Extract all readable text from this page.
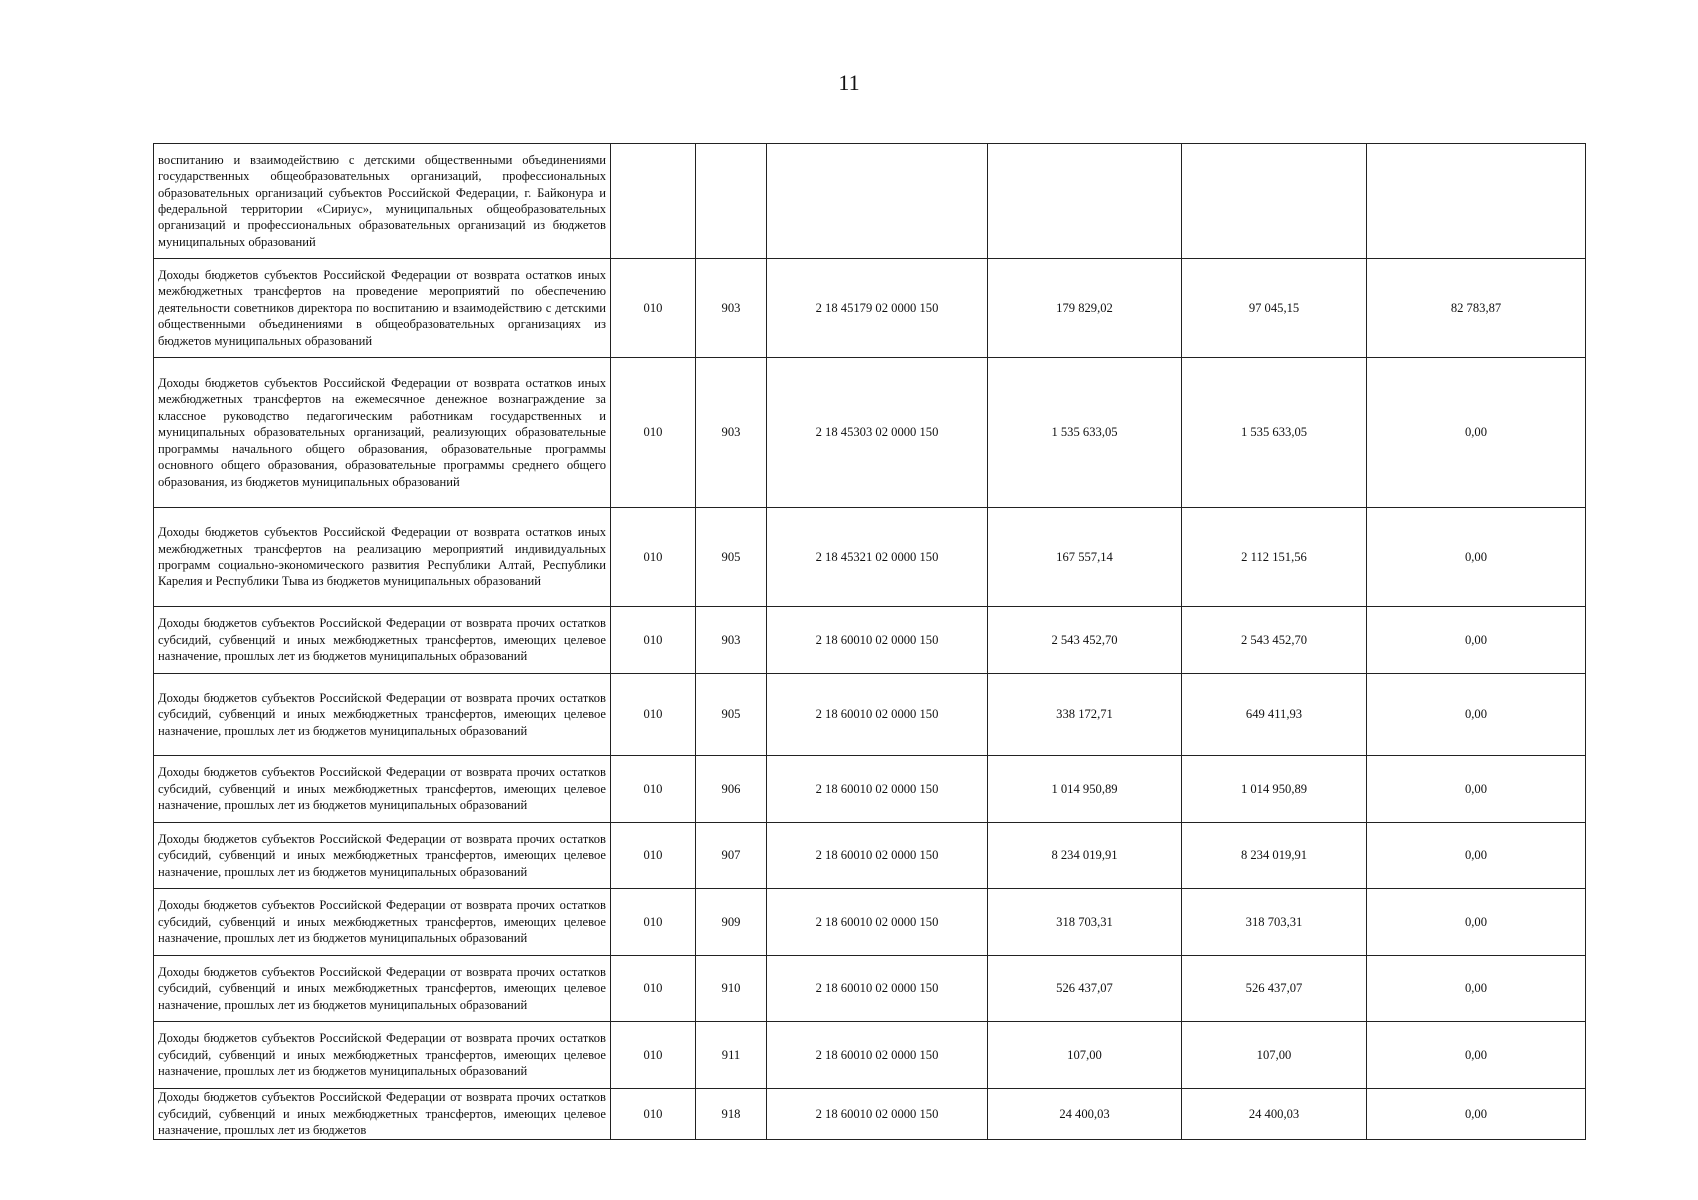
11
воспитанию и взаимодействию с детскими общественными объединениями государственных общеобразовательных организаций, профессиональных образовательных организаций субъектов Российской Федерации, г. Байконура и федеральной территории «Сириус», муниципальных общеобразовательных организаций и профессиональных образовательных организаций из бюджетов муниципальных образований						
Доходы бюджетов субъектов Российской Федерации от возврата остатков иных межбюджетных трансфертов на проведение мероприятий по обеспечению деятельности советников директора по воспитанию и взаимодействию с детскими общественными объединениями в общеобразовательных организациях из бюджетов муниципальных образований	010	903	2 18 45179 02 0000 150	179 829,02	97 045,15	82 783,87
Доходы бюджетов субъектов Российской Федерации от возврата остатков иных межбюджетных трансфертов на ежемесячное денежное вознаграждение за классное руководство педагогическим работникам государственных и муниципальных образовательных организаций, реализующих образовательные программы начального общего образования, образовательные программы основного общего образования, образовательные программы среднего общего образования, из бюджетов муниципальных образований	010	903	2 18 45303 02 0000 150	1 535 633,05	1 535 633,05	0,00
Доходы бюджетов субъектов Российской Федерации от возврата остатков иных межбюджетных трансфертов на реализацию мероприятий индивидуальных программ социально-экономического развития Республики Алтай, Республики Карелия и Республики Тыва из бюджетов муниципальных образований	010	905	2 18 45321 02 0000 150	167 557,14	2 112 151,56	0,00
Доходы бюджетов субъектов Российской Федерации от возврата прочих остатков субсидий, субвенций и иных межбюджетных трансфертов, имеющих целевое назначение, прошлых лет из бюджетов муниципальных образований	010	903	2 18 60010 02 0000 150	2 543 452,70	2 543 452,70	0,00
Доходы бюджетов субъектов Российской Федерации от возврата прочих остатков субсидий, субвенций и иных межбюджетных трансфертов, имеющих целевое назначение, прошлых лет из бюджетов муниципальных образований	010	905	2 18 60010 02 0000 150	338 172,71	649 411,93	0,00
Доходы бюджетов субъектов Российской Федерации от возврата прочих остатков субсидий, субвенций и иных межбюджетных трансфертов, имеющих целевое назначение, прошлых лет из бюджетов муниципальных образований	010	906	2 18 60010 02 0000 150	1 014 950,89	1 014 950,89	0,00
Доходы бюджетов субъектов Российской Федерации от возврата прочих остатков субсидий, субвенций и иных межбюджетных трансфертов, имеющих целевое назначение, прошлых лет из бюджетов муниципальных образований	010	907	2 18 60010 02 0000 150	8 234 019,91	8 234 019,91	0,00
Доходы бюджетов субъектов Российской Федерации от возврата прочих остатков субсидий, субвенций и иных межбюджетных трансфертов, имеющих целевое назначение, прошлых лет из бюджетов муниципальных образований	010	909	2 18 60010 02 0000 150	318 703,31	318 703,31	0,00
Доходы бюджетов субъектов Российской Федерации от возврата прочих остатков субсидий, субвенций и иных межбюджетных трансфертов, имеющих целевое назначение, прошлых лет из бюджетов муниципальных образований	010	910	2 18 60010 02 0000 150	526 437,07	526 437,07	0,00
Доходы бюджетов субъектов Российской Федерации от возврата прочих остатков субсидий, субвенций и иных межбюджетных трансфертов, имеющих целевое назначение, прошлых лет из бюджетов муниципальных образований	010	911	2 18 60010 02 0000 150	107,00	107,00	0,00
Доходы бюджетов субъектов Российской Федерации от возврата прочих остатков субсидий, субвенций и иных межбюджетных трансфертов, имеющих целевое назначение, прошлых лет из бюджетов	010	918	2 18 60010 02 0000 150	24 400,03	24 400,03	0,00
